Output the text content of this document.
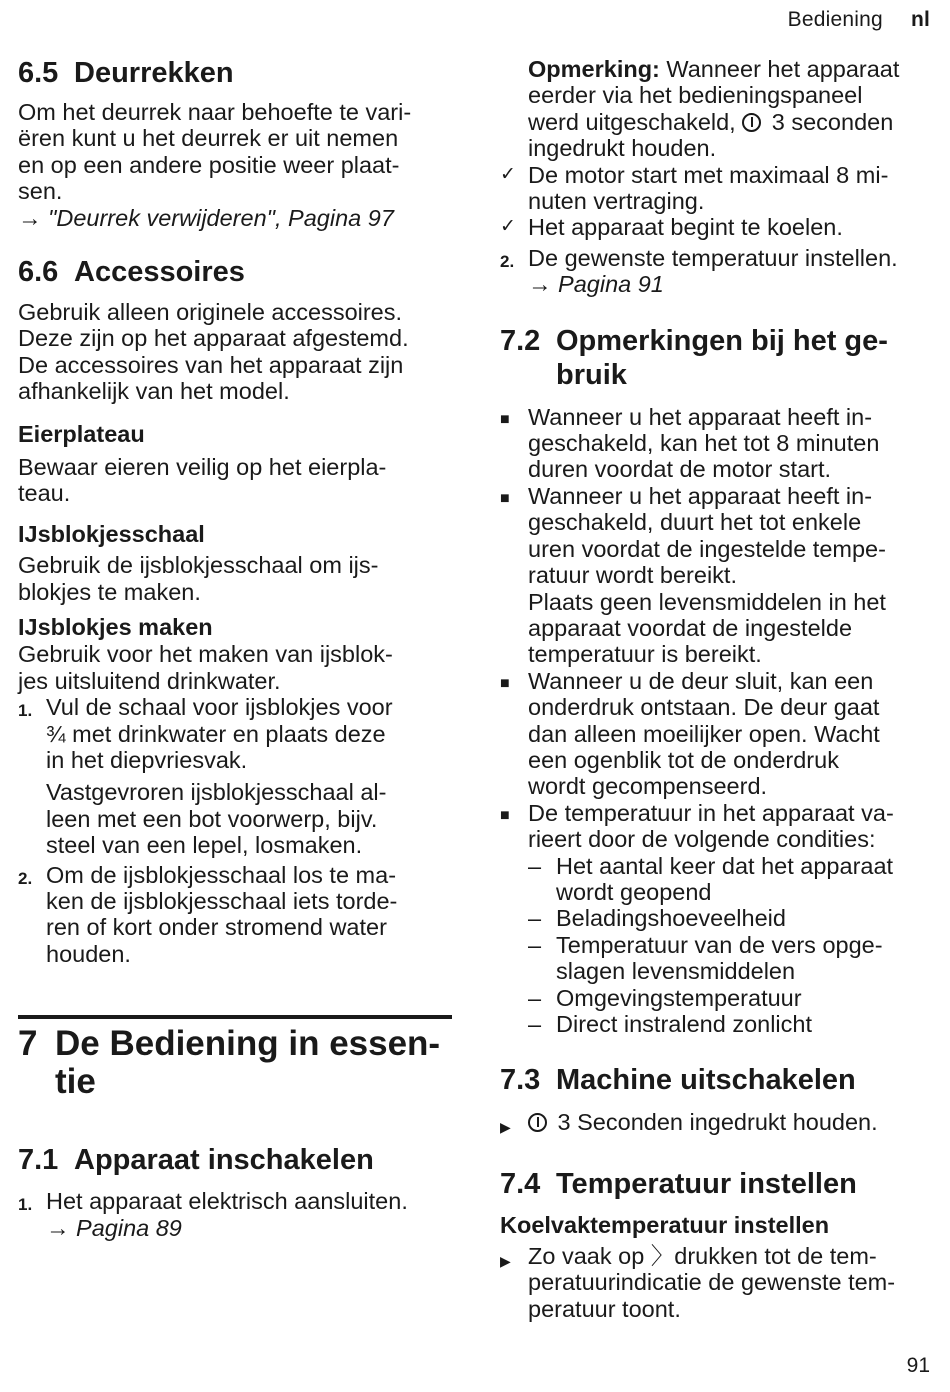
Bediening nl
6.5 Deurrekken

Om het deurrek naar behoefte te vari-
ëren kunt u het deurrek er uit nemen
en op een andere positie weer plaat-
sen.

→ "Deurrek verwijderen", Pagina 97

6.6 Accessoires

Gebruik alleen originele accessoires.
Deze zijn op het apparaat afgestemd.
De accessoires van het apparaat zijn
afhankelijk van het model.

Eierplateau

Bewaar eieren veilig op het eierpla-
teau.

IJsblokjesschaal

Gebruik de ijsblokjesschaal om ijs-
blokjes te maken.

IJsblokjes maken

Gebruik voor het maken van ijsblok-
jes uitsluitend drinkwater.

1. Vul de schaal voor ijsblokjes voor
¾ met drinkwater en plaats deze
in het diepvriesvak.

Vastgevroren ijsblokjesschaal al-
leen met een bot voorwerp, bijv.
steel van een lepel, losmaken.

2. Om de ijsblokjesschaal los te ma-
ken de ijsblokjesschaal iets torde-
ren of kort onder stromend water
houden.

7 De Bediening in essen-
tie
7.1 Apparaat inschakelen
1. Het apparaat elektrisch aansluiten.

→ Pagina 89

Opmerking: Wanneer het apparaat
eerder via het bedieningspaneel
werd uitgeschakeld,  3 seconden
ingedrukt houden.
✓ De motor start met maximaal 8 mi-
nuten vertraging.

✓ Het apparaat begint te koelen.

2. De gewenste temperatuur instellen.

→ Pagina 91

7.2 Opmerkingen bij het ge-
bruik
■ Wanneer u het apparaat heeft in-
geschakeld, kan het tot 8 minuten
duren voordat de motor start.

■ Wanneer u het apparaat heeft in-
geschakeld, duurt het tot enkele
uren voordat de ingestelde tempe-
ratuur wordt bereikt.
Plaats geen levensmiddelen in het
apparaat voordat de ingestelde
temperatuur is bereikt.

■ Wanneer u de deur sluit, kan een
onderdruk ontstaan. De deur gaat
dan alleen moeilijker open. Wacht
een ogenblik tot de onderdruk
wordt gecompenseerd.

■ De temperatuur in het apparaat va-
rieert door de volgende condities:

– Het aantal keer dat het apparaat
wordt geopend

– Beladingshoeveelheid

– Temperatuur van de vers opge-
slagen levensmiddelen

– Omgevingstemperatuur

– Direct instralend zonlicht

7.3 Machine uitschakelen
▶	3 Seconden ingedrukt houden.

7.4 Temperatuur instellen
Koelvaktemperatuur instellen
▶ Zo vaak op 〉drukken tot de tem-
peratuurindicatie de gewenste tem-
peratuur toont.

91
